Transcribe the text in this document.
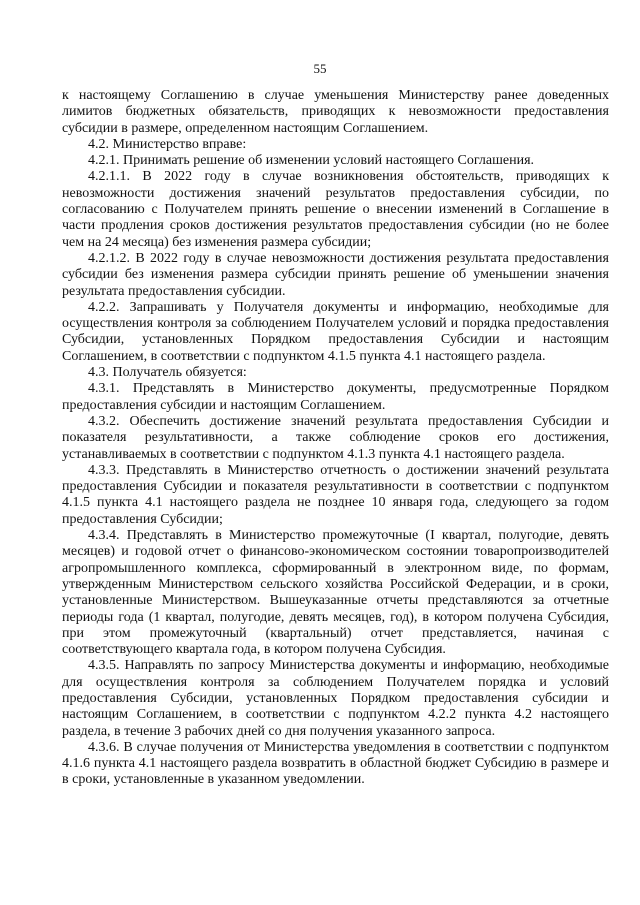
55

к настоящему Соглашению в случае уменьшения Министерству ранее доведенных лимитов бюджетных обязательств, приводящих к невозможности предоставления субсидии в размере, определенном настоящим Соглашением.

4.2. Министерство вправе:

4.2.1. Принимать решение об изменении условий настоящего Соглашения.

4.2.1.1. В 2022 году в случае возникновения обстоятельств, приводящих к невозможности достижения значений результатов предоставления субсидии, по согласованию с Получателем принять решение о внесении изменений в Соглашение в части продления сроков достижения результатов предоставления субсидии (но не более чем на 24 месяца) без изменения размера субсидии;

4.2.1.2. В 2022 году в случае невозможности достижения результата предоставления субсидии без изменения размера субсидии принять решение об уменьшении значения результата предоставления субсидии.

4.2.2. Запрашивать у Получателя документы и информацию, необходимые для осуществления контроля за соблюдением Получателем условий и порядка предоставления Субсидии, установленных Порядком предоставления Субсидии и настоящим Соглашением, в соответствии с подпунктом 4.1.5 пункта 4.1 настоящего раздела.

4.3. Получатель обязуется:

4.3.1. Представлять в Министерство документы, предусмотренные Порядком предоставления субсидии и настоящим Соглашением.

4.3.2. Обеспечить достижение значений результата предоставления Субсидии и показателя результативности, а также соблюдение сроков его достижения, устанавливаемых в соответствии с подпунктом 4.1.3 пункта 4.1 настоящего раздела.

4.3.3. Представлять в Министерство отчетность о достижении значений результата предоставления Субсидии и показателя результативности в соответствии с подпунктом 4.1.5 пункта 4.1 настоящего раздела не позднее 10 января года, следующего за годом предоставления Субсидии;

4.3.4. Представлять в Министерство промежуточные (I квартал, полугодие, девять месяцев) и годовой отчет о финансово-экономическом состоянии товаропроизводителей агропромышленного комплекса, сформированный в электронном виде, по формам, утвержденным Министерством сельского хозяйства Российской Федерации, и в сроки, установленные Министерством. Вышеуказанные отчеты представляются за отчетные периоды года (1 квартал, полугодие, девять месяцев, год), в котором получена Субсидия, при этом промежуточный (квартальный) отчет представляется, начиная с соответствующего квартала года, в котором получена Субсидия.

4.3.5. Направлять по запросу Министерства документы и информацию, необходимые для осуществления контроля за соблюдением Получателем порядка и условий предоставления Субсидии, установленных Порядком предоставления субсидии и настоящим Соглашением, в соответствии с подпунктом 4.2.2 пункта 4.2 настоящего раздела, в течение 3 рабочих дней со дня получения указанного запроса.

4.3.6. В случае получения от Министерства уведомления в соответствии с подпунктом 4.1.6 пункта 4.1 настоящего раздела возвратить в областной бюджет Субсидию в размере и в сроки, установленные в указанном уведомлении.
